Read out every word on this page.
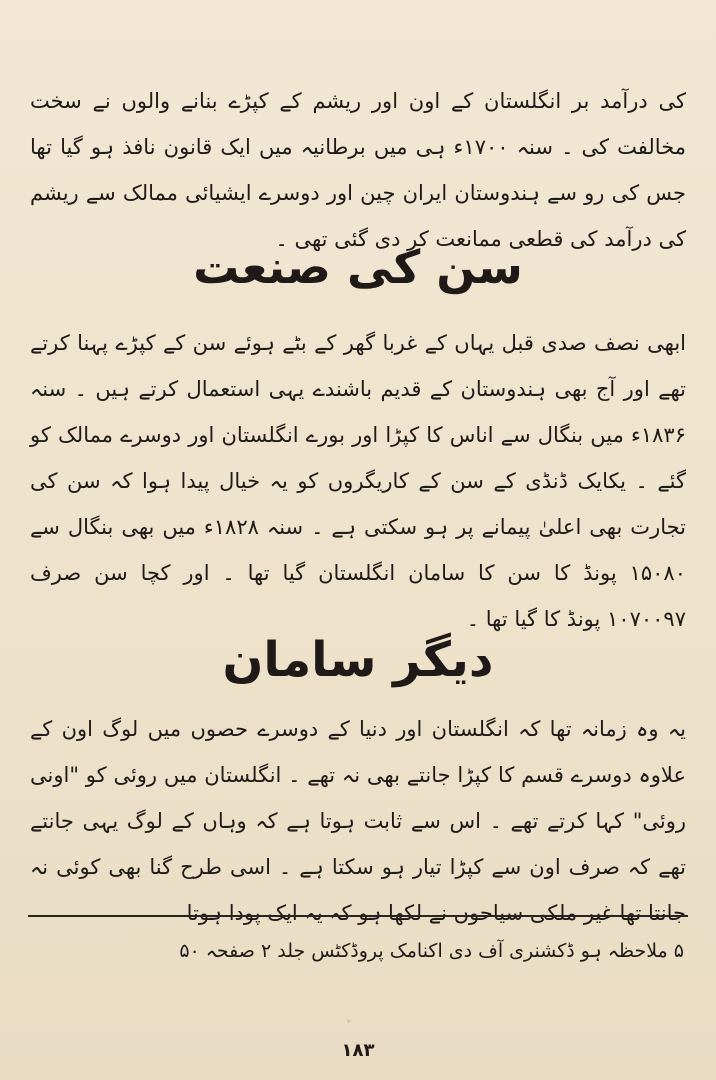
کی درآمد بر انگلستان کے اون اور ریشم کے کپڑے بنانے والوں نے سخت مخالفت کی ۔ سنہ ۱۷۰۰ء ہی میں برطانیہ میں ایک قانون نافذ ہو گیا تھا جس کی رو سے ہندوستان ایران چین اور دوسرے ایشیائی ممالک سے ریشم کی درآمد کی قطعی ممانعت کر دی گئی تھی ۔

سن کی صنعت

ابھی نصف صدی قبل یہاں کے غربا گھر کے بٹے ہوئے سن کے کپڑے پہنا کرتے تھے اور آج بھی ہندوستان کے قدیم باشندے یہی استعمال کرتے ہیں ۔ سنہ ۱۸۳۶ء میں بنگال سے اناس کا کپڑا اور بورے انگلستان اور دوسرے ممالک کو گئے ۔ یکایک ڈنڈی کے سن کے کاریگروں کو یہ خیال پیدا ہوا کہ سن کی تجارت بھی اعلیٰ پیمانے پر ہو سکتی ہے ۔ سنہ ۱۸۲۸ء میں بھی بنگال سے ۱۵۰۸۰ پونڈ کا سن کا سامان انگلستان گیا تھا ۔ اور کچا سن صرف ۱۰۷۰۰۹۷ پونڈ کا گیا تھا ۔

دیگر سامان

یہ وہ زمانہ تھا کہ انگلستان اور دنیا کے دوسرے حصوں میں لوگ اون کے علاوہ دوسرے قسم کا کپڑا جانتے بھی نہ تھے ۔ انگلستان میں روئی کو "اونی روئی" کہا کرتے تھے ۔ اس سے ثابت ہوتا ہے کہ وہاں کے لوگ یہی جانتے تھے کہ صرف اون سے کپڑا تیار ہو سکتا ہے ۔ اسی طرح گنا بھی کوئی نہ جانتا تھا غیر ملکی سیاحوں نے لکھا ہو کہ یہ ایک پودا ہوتا

۵ ملاحظہ ہو ڈکشنری آف دی اکنامک پروڈکٹس جلد ۲ صفحہ ۵۰
·
۱۸۳
